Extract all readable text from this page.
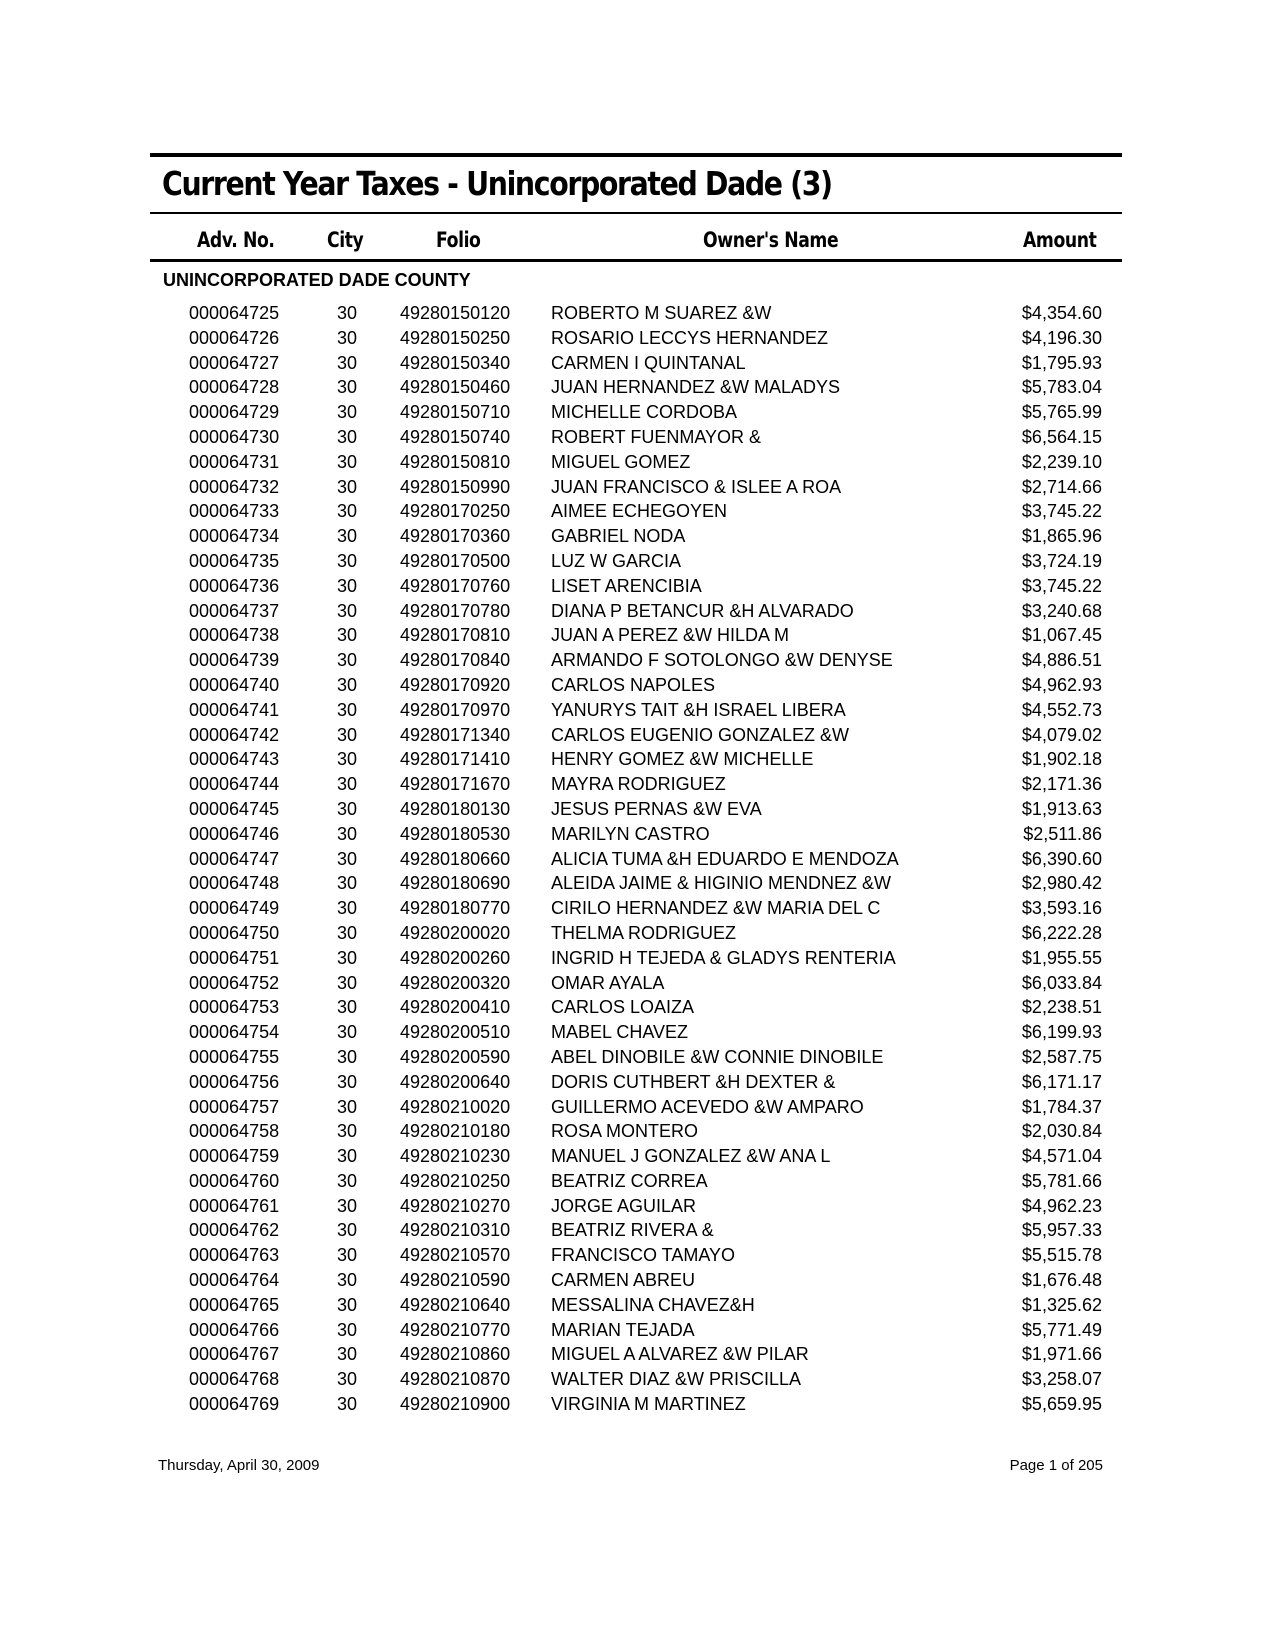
Current Year Taxes - Unincorporated Dade (3)
Adv. No. City	Folio	Owner's Name	Amount
UNINCORPORATED DADE COUNTY
000064725	30 49280150120 ROBERTO M SUAREZ &W	$4,354.60
000064726	30 49280150250 ROSARIO LECCYS HERNANDEZ	$4,196.30
000064727	30 49280150340 CARMEN I QUINTANAL	$1,795.93
000064728	30 49280150460 JUAN HERNANDEZ &W MALADYS	$5,783.04
000064729	30 49280150710 MICHELLE CORDOBA	$5,765.99
000064730	30 49280150740 ROBERT FUENMAYOR &	$6,564.15
000064731	30 49280150810 MIGUEL GOMEZ	$2,239.10
000064732	30 49280150990 JUAN FRANCISCO & ISLEE A ROA	$2,714.66
000064733	30 49280170250 AIMEE ECHEGOYEN	$3,745.22
000064734	30 49280170360 GABRIEL NODA	$1,865.96
000064735	30 49280170500 LUZ W GARCIA	$3,724.19
000064736	30 49280170760 LISET ARENCIBIA	$3,745.22
000064737	30 49280170780 DIANA P BETANCUR &H ALVARADO	$3,240.68
000064738	30 49280170810 JUAN A PEREZ &W HILDA M	$1,067.45
000064739	30 49280170840 ARMANDO F SOTOLONGO &W DENYSE	$4,886.51
000064740	30 49280170920 CARLOS NAPOLES	$4,962.93
000064741	30 49280170970 YANURYS TAIT &H ISRAEL LIBERA	$4,552.73
000064742	30 49280171340 CARLOS EUGENIO GONZALEZ &W	$4,079.02
000064743	30 49280171410 HENRY GOMEZ &W MICHELLE	$1,902.18
000064744	30 49280171670 MAYRA RODRIGUEZ	$2,171.36
000064745	30 49280180130 JESUS PERNAS &W EVA	$1,913.63
000064746	30 49280180530 MARILYN CASTRO	$2,511.86
000064747	30 49280180660 ALICIA TUMA &H EDUARDO E MENDOZA	$6,390.60
000064748	30 49280180690 ALEIDA JAIME & HIGINIO MENDNEZ &W	$2,980.42
000064749	30 49280180770 CIRILO HERNANDEZ &W MARIA DEL C	$3,593.16
000064750	30 49280200020 THELMA RODRIGUEZ	$6,222.28
000064751	30 49280200260 INGRID H TEJEDA & GLADYS RENTERIA	$1,955.55
000064752	30 49280200320 OMAR AYALA	$6,033.84
000064753	30 49280200410 CARLOS LOAIZA	$2,238.51
000064754	30 49280200510 MABEL CHAVEZ	$6,199.93
000064755	30 49280200590 ABEL DINOBILE &W CONNIE DINOBILE	$2,587.75
000064756	30 49280200640 DORIS CUTHBERT &H DEXTER &	$6,171.17
000064757	30 49280210020 GUILLERMO ACEVEDO &W AMPARO	$1,784.37
000064758	30 49280210180 ROSA MONTERO	$2,030.84
000064759	30 49280210230 MANUEL J GONZALEZ &W ANA L	$4,571.04
000064760	30 49280210250 BEATRIZ CORREA	$5,781.66
000064761	30 49280210270 JORGE AGUILAR	$4,962.23
000064762	30 49280210310 BEATRIZ RIVERA &	$5,957.33
000064763	30 49280210570 FRANCISCO TAMAYO	$5,515.78
000064764	30 49280210590 CARMEN ABREU	$1,676.48
000064765	30 49280210640 MESSALINA CHAVEZ&H	$1,325.62
000064766	30 49280210770 MARIAN TEJADA	$5,771.49
000064767	30 49280210860 MIGUEL A ALVAREZ &W PILAR	$1,971.66
000064768	30 49280210870 WALTER DIAZ &W PRISCILLA	$3,258.07
000064769	30 49280210900 VIRGINIA M MARTINEZ	$5,659.95
Thursday, April 30, 2009	Page 1 of 205
